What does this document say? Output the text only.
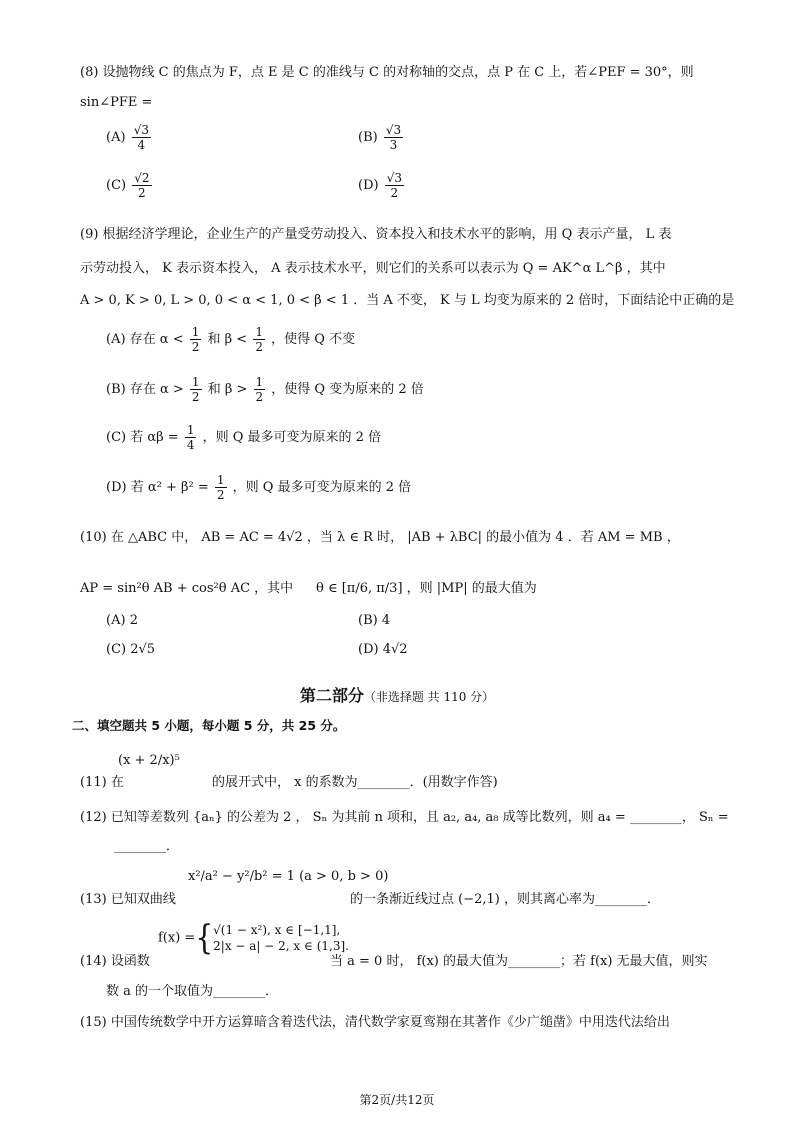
(8) 设抛物线 C 的焦点为 F，点 E 是 C 的准线与 C 的对称轴的交点，点 P 在 C 上，若∠PEF = 30°，则
sin∠PFE =
$(A) \frac{√3}{4}$	$(B) \frac{√3}{3}$
$(C) \frac{√2}{2}$	$(D) \frac{√3}{2}$
(9) 根据经济学理论，企业生产的产量受劳动投入、资本投入和技术水平的影响，用 Q 表示产量， L 表
示劳动投入， K 表示资本投入， A 表示技术水平，则它们的关系可以表示为 Q = AK^α L^β ，其中
A > 0, K > 0, L > 0, 0 < α < 1, 0 < β < 1 ．当 A 不变， K 与 L 均变为原来的 2 倍时，下面结论中正确的是
(A) 存在 $\alpha < \frac{1}{2}$ 和 $\beta < \frac{1}{2}$ ，使得 Q 不变
(B) 存在 $\alpha > \frac{1}{2}$ 和 $\beta > \frac{1}{2}$ ，使得 Q 变为原来的 2 倍
(C) 若 $\alpha\beta = \frac{1}{4}$ ，则 Q 最多可变为原来的 2 倍
(D) 若 $\alpha^2 + \beta^2 = \frac{1}{2}$ ，则 Q 最多可变为原来的 2 倍
(10) 在 △ABC 中， AB = AC = 4√2 ，当 λ ∈ R 时， |AB + λBC| 的最小值为 4 ．若 AM = MB ，
AP = sin²θ AB + cos²θ AC ，其中 θ ∈ [π/6, π/3] ，则 |MP| 的最大值为
(A) 2	(B) 4
(C) 2√5	(D) 4√2
第二部分（非选择题 共 110 分）
二、填空题共 5 小题，每小题 5 分，共 25 分。
(11) 在
(x + 2/x)⁵
的展开式中， x 的系数为________．(用数字作答)
(12) 已知等差数列 {aₙ} 的公差为 2 ， Sₙ 为其前 n 项和，且 a₂, a₄, a₈ 成等比数列，则 a₄ = ________， Sₙ =
________．
(13) 已知双曲线
x²/a² − y²/b² = 1 (a > 0, b > 0)
的一条渐近线过点 (−2,1) ，则其离心率为________．
(14) 设函数
f(x) ={ √(1 − x²), x ∈ [−1,1],
2|x − a| − 2, x ∈ (1,3].
当 a = 0 时， f(x) 的最大值为________；若 f(x) 无最大值，则实
数 a 的一个取值为________．
(15) 中国传统数学中开方运算暗含着迭代法，清代数学家夏鸾翔在其著作《少广缒凿》中用迭代法给出
第2页/共12页
